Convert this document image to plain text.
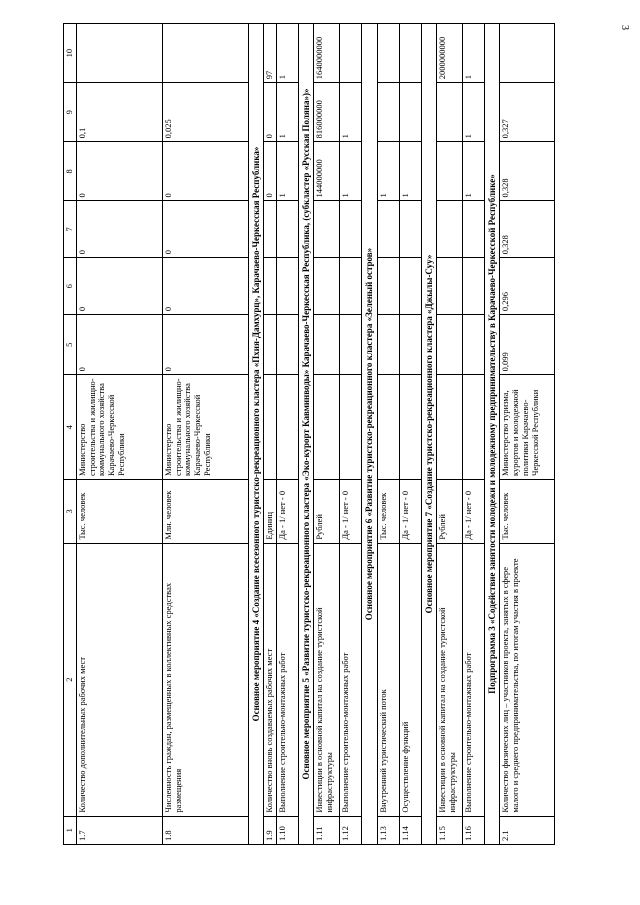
3
1	2	3	4	5	6	7	8	9	10
1.7	Количество дополнительных рабочих мест	Тыс. человек	Министерство строительства и жилищно-коммунального хозяйства Карачаево-Черкесской Республики	0	0	0	0	0,1	
1.8	Численность граждан, размещенных в коллективных средствах размещения	Млн. человек	Министерство строительства и жилищно-коммунального хозяйства Карачаево-Черкесской Республики	0	0	0	0	0,025	
Основное мероприятие 4 «Создание всесезонного туристско-рекреационного кластера «Пхия-Дамхурц», Карачаево-Черкесская Республика»									
1.9	Количество вновь создаваемых рабочих мест	Единиц					0	0	97
1.10	Выполнение строительно-монтажных работ	Да - 1/ нет - 0					1	1	1
Основное мероприятие 5 «Развитие туристско-рекреационного кластера «Эко-курорт Кавминводы» Карачаево-Черкесская Республика, (субкластер «Русская Поляна»)»									
1.11	Инвестиции в основной капитал на создание туристской инфраструктуры	Рублей					144000000	816000000	1640000000
1.12	Выполнение строительно-монтажных работ	Да - 1/ нет - 0					1	1	
Основное мероприятие 6 «Развитие туристско-рекреационного кластера «Зеленый остров»									
1.13	Внутренний туристический поток	Тыс. человек					1		
1.14	Осуществление функций	Да - 1/ нет - 0					1		
Основное мероприятие 7 «Создание туристско-рекреационного кластера «Джылы-Суу»									
1.15	Инвестиции в основной капитал на создание туристской инфраструктуры	Рублей							2000000000
1.16	Выполнение строительно-монтажных работ	Да - 1/ нет - 0					1	1	1
Подпрограмма 3 «Содействие занятости молодежи и молодежному предпринимательству в Карачаево-Черкесской Республике»									
2.1	Количество физических лиц – участников проекта, занятых в сфере малого и среднего предпринимательства, по итогам участия в проекте	Тыс. человек	Министерство туризма, курортов и молодежной политики Карачаево-Черкесской Республики	0,099	0,296	0,328	0,328	0,327	
